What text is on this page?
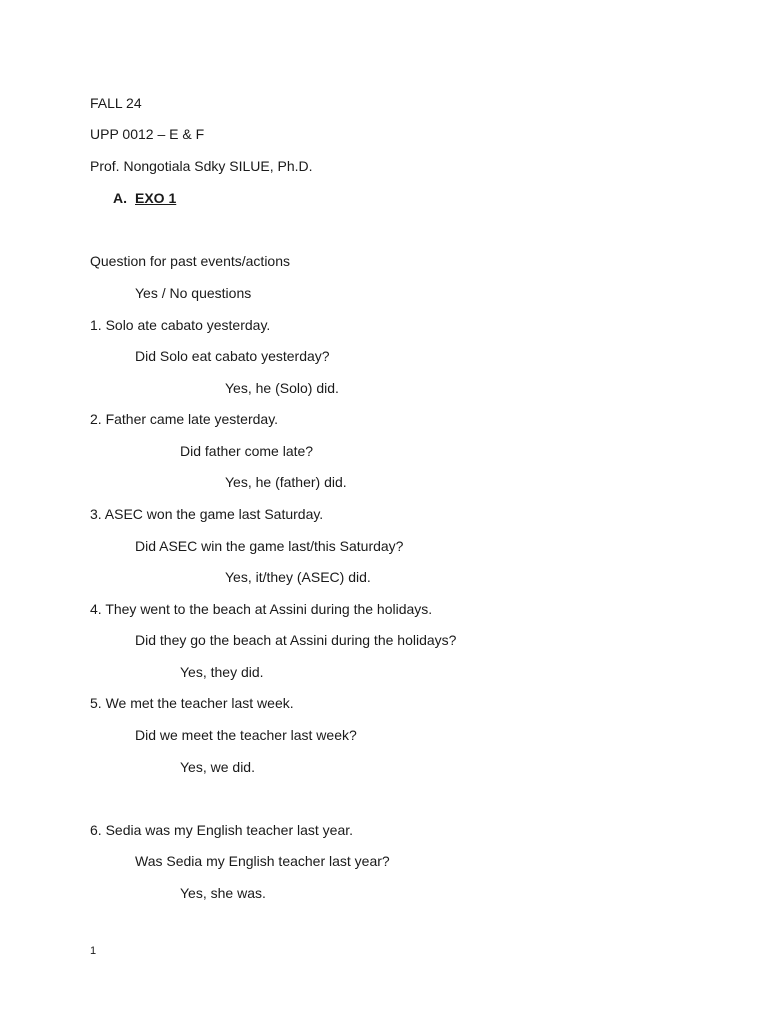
FALL 24
UPP 0012 – E & F
Prof. Nongotiala Sdky SILUE, Ph.D.
A. EXO 1
Question for past events/actions
Yes / No questions
1. Solo ate cabato yesterday.
Did Solo eat cabato yesterday?
Yes, he (Solo) did.
2. Father came late yesterday.
Did father come late?
Yes, he (father) did.
3. ASEC won the game last Saturday.
Did ASEC win the game last/this Saturday?
Yes, it/they (ASEC) did.
4. They went to the beach at Assini during the holidays.
Did they go the beach at Assini during the holidays?
Yes, they did.
5. We met the teacher last week.
Did we meet the teacher last week?
Yes, we did.
6. Sedia was my English teacher last year.
Was Sedia my English teacher last year?
Yes, she was.
1
